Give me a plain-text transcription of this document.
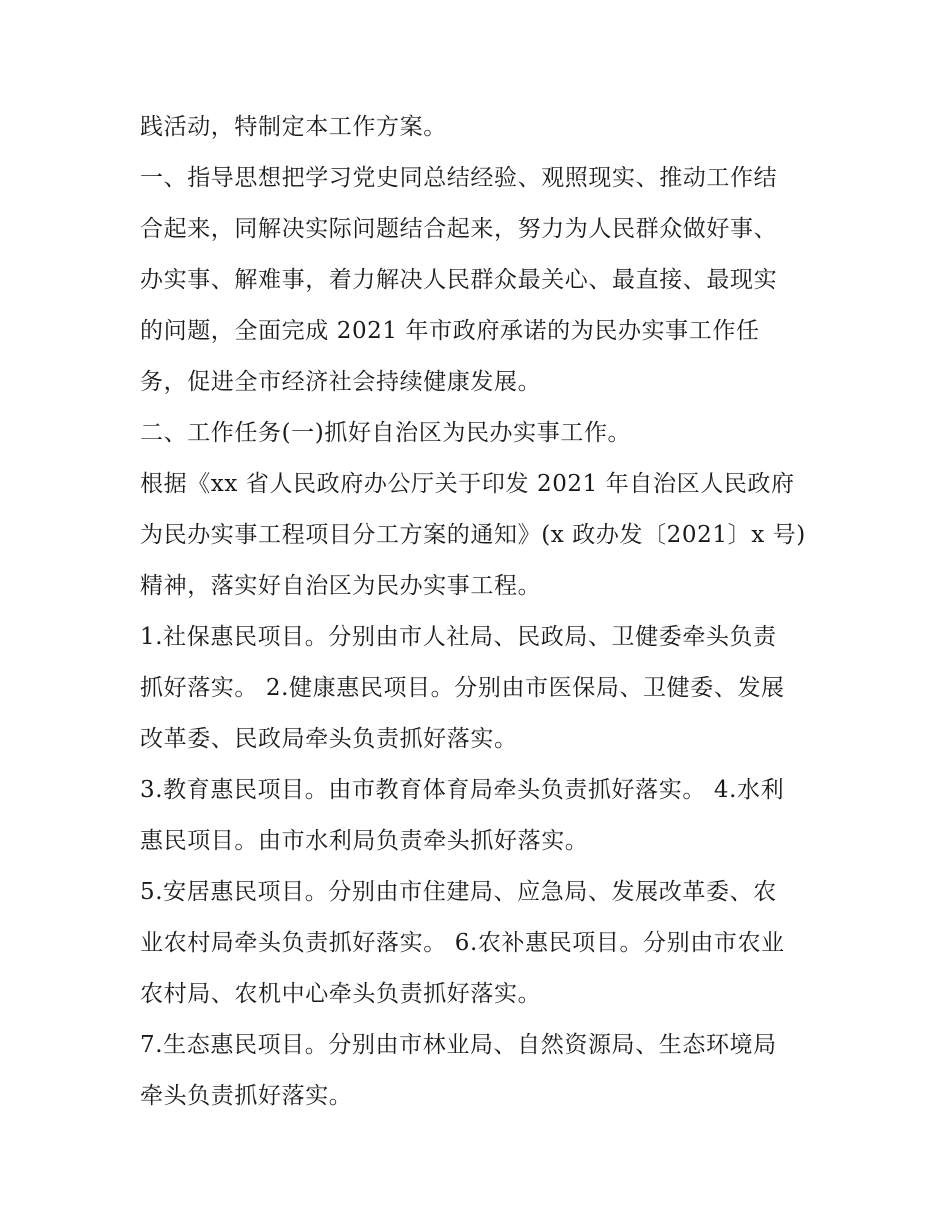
践活动，特制定本工作方案。
一、指导思想把学习党史同总结经验、观照现实、推动工作结
合起来，同解决实际问题结合起来，努力为人民群众做好事、
办实事、解难事，着力解决人民群众最关心、最直接、最现实
的问题，全面完成 2021 年市政府承诺的为民办实事工作任
务，促进全市经济社会持续健康发展。
二、工作任务(一)抓好自治区为民办实事工作。
根据《xx 省人民政府办公厅关于印发 2021 年自治区人民政府
为民办实事工程项目分工方案的通知》(x 政办发〔2021〕x 号)
精神，落实好自治区为民办实事工程。
1.社保惠民项目。分别由市人社局、民政局、卫健委牵头负责
抓好落实。 2.健康惠民项目。分别由市医保局、卫健委、发展
改革委、民政局牵头负责抓好落实。
3.教育惠民项目。由市教育体育局牵头负责抓好落实。 4.水利
惠民项目。由市水利局负责牵头抓好落实。
5.安居惠民项目。分别由市住建局、应急局、发展改革委、农
业农村局牵头负责抓好落实。 6.农补惠民项目。分别由市农业
农村局、农机中心牵头负责抓好落实。
7.生态惠民项目。分别由市林业局、自然资源局、生态环境局
牵头负责抓好落实。
